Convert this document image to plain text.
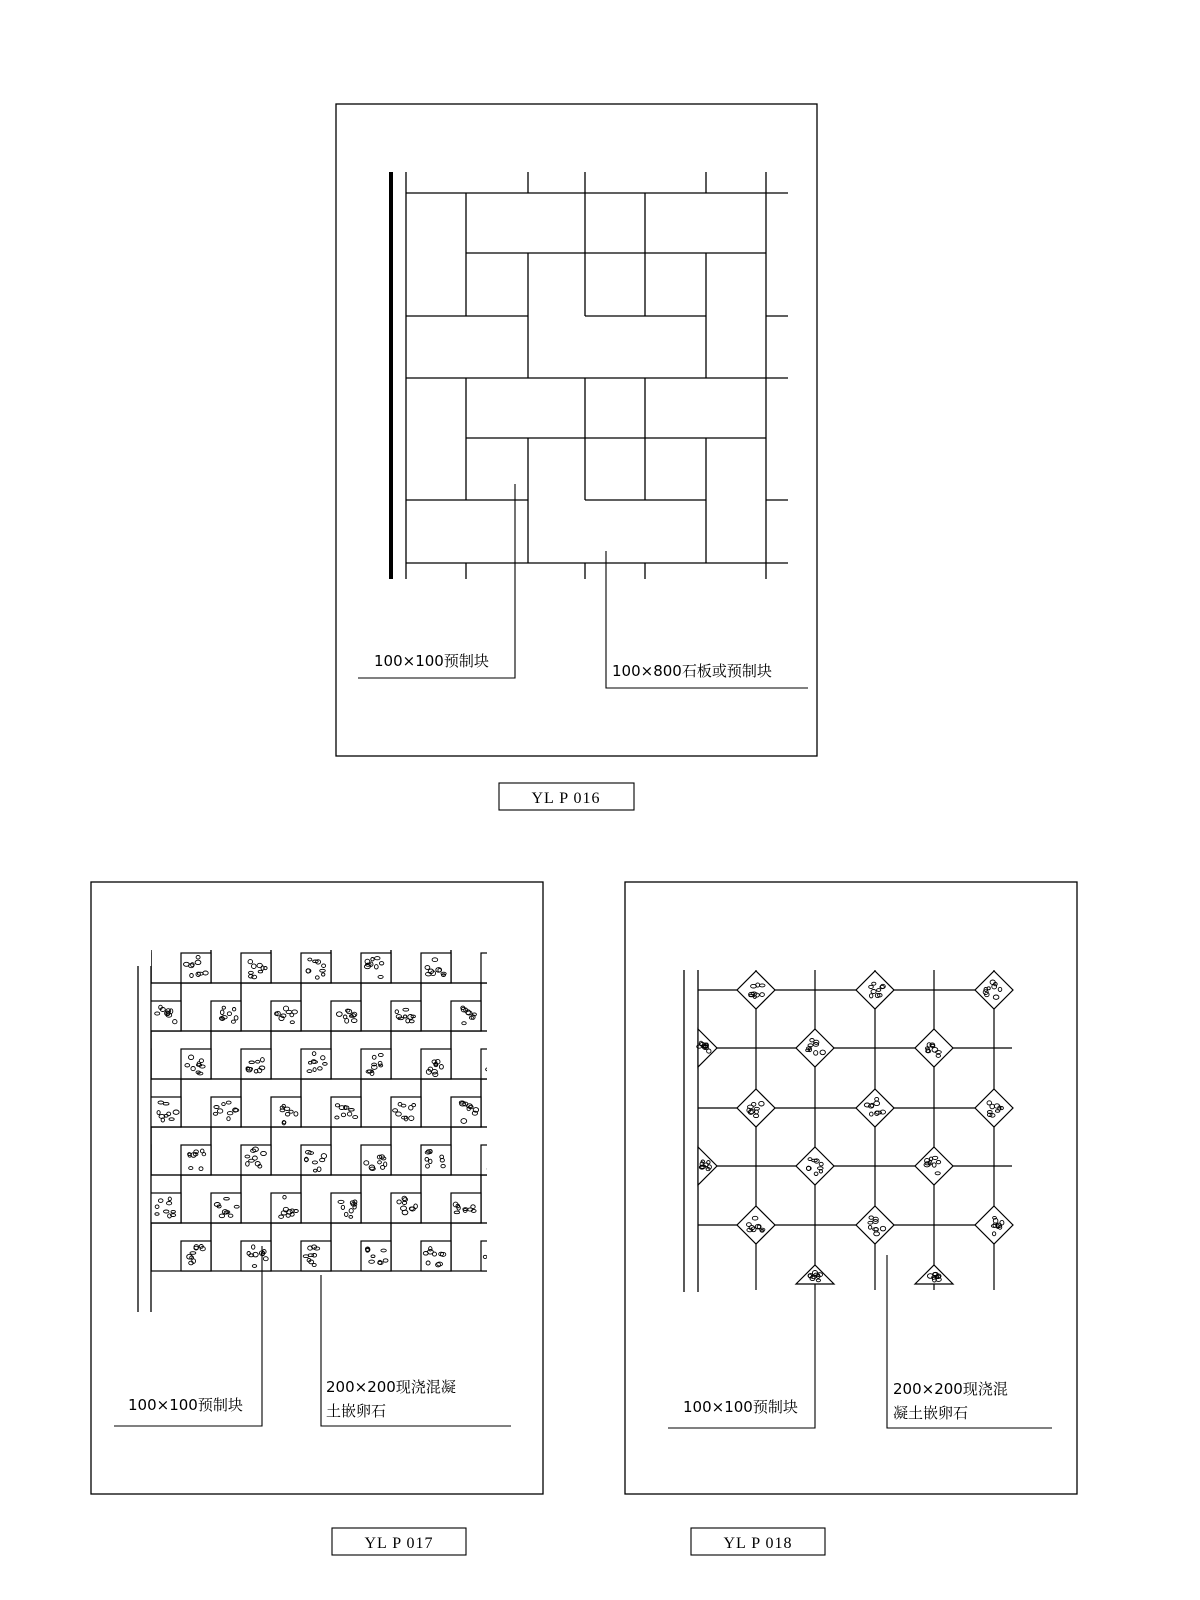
100×100预制块
100×800石板或预制块
YL P 016
100×100预制块
200×200现浇混凝
土嵌卵石
YL P 017
100×100预制块
200×200现浇混
凝土嵌卵石
YL P 018
